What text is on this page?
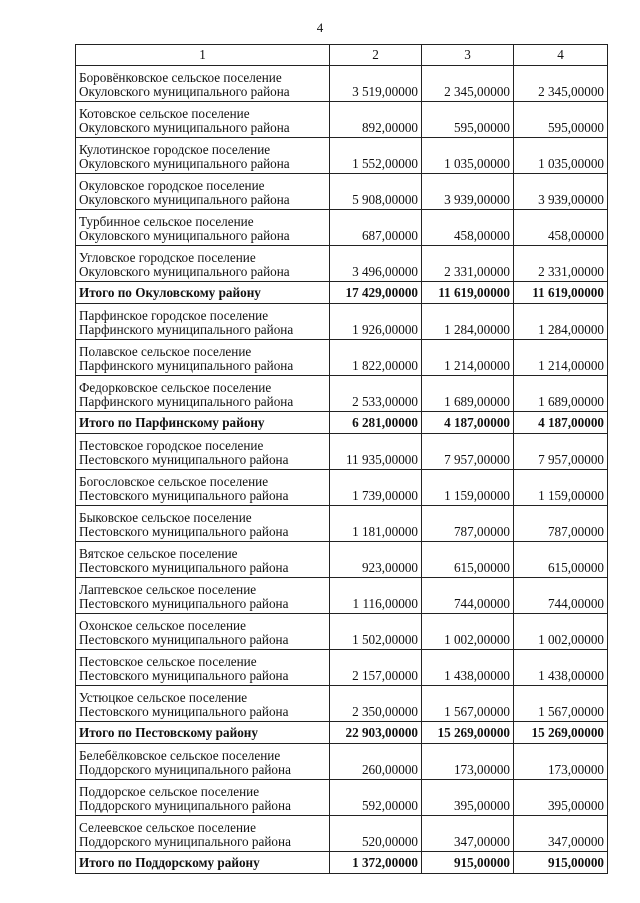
4
1	2	3	4

Боровёнковское сельское поселение
Окуловского муниципального района	3 519,00000	2 345,00000	2 345,00000

Котовское сельское поселение
Окуловского муниципального района	892,00000	595,00000	595,00000

Кулотинское городское поселение
Окуловского муниципального района	1 552,00000	1 035,00000	1 035,00000

Окуловское городское поселение
Окуловского муниципального района	5 908,00000	3 939,00000	3 939,00000

Турбинное сельское поселение
Окуловского муниципального района	687,00000	458,00000	458,00000

Угловское городское поселение
Окуловского муниципального района	3 496,00000	2 331,00000	2 331,00000
Итого по Окуловскому району	17 429,00000	11 619,00000	11 619,00000

Парфинское городское поселение
Парфинского муниципального района	1 926,00000	1 284,00000	1 284,00000

Полавское сельское поселение
Парфинского муниципального района	1 822,00000	1 214,00000	1 214,00000

Федорковское сельское поселение
Парфинского муниципального района	2 533,00000	1 689,00000	1 689,00000
Итого по Парфинскому району	6 281,00000	4 187,00000	4 187,00000

Пестовское городское поселение
Пестовского муниципального района	11 935,00000	7 957,00000	7 957,00000

Богословское сельское поселение
Пестовского муниципального района	1 739,00000	1 159,00000	1 159,00000

Быковское сельское поселение
Пестовского муниципального района	1 181,00000	787,00000	787,00000

Вятское сельское поселение
Пестовского муниципального района	923,00000	615,00000	615,00000

Лаптевское сельское поселение
Пестовского муниципального района	1 116,00000	744,00000	744,00000

Охонское сельское поселение
Пестовского муниципального района	1 502,00000	1 002,00000	1 002,00000

Пестовское сельское поселение
Пестовского муниципального района	2 157,00000	1 438,00000	1 438,00000

Устюцкое сельское поселение
Пестовского муниципального района	2 350,00000	1 567,00000	1 567,00000
Итого по Пестовскому району	22 903,00000	15 269,00000	15 269,00000

Белебёлковское сельское поселение
Поддорского муниципального района	260,00000	173,00000	173,00000

Поддорское сельское поселение
Поддорского муниципального района	592,00000	395,00000	395,00000

Селеевское сельское поселение
Поддорского муниципального района	520,00000	347,00000	347,00000
Итого по Поддорскому району	1 372,00000	915,00000	915,00000
